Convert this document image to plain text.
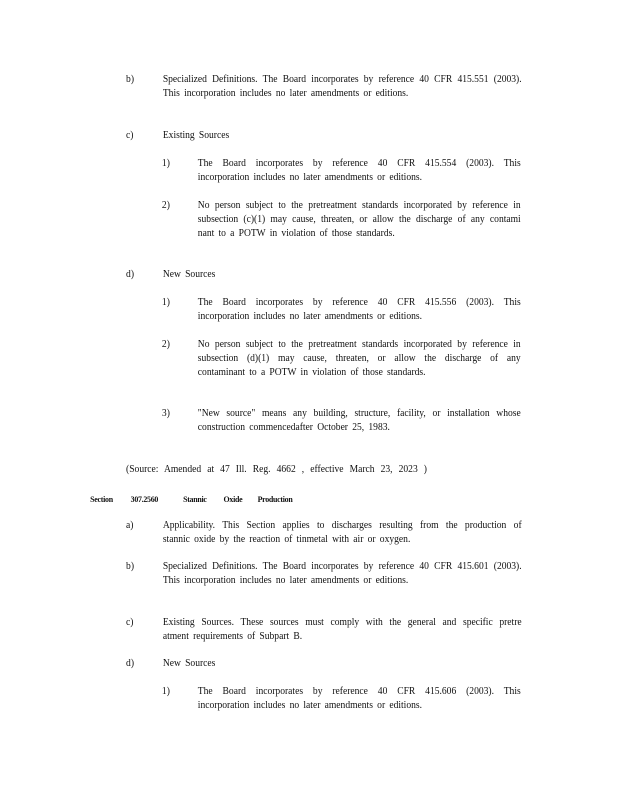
b)	Specialized Definitions. The Board incorporates by reference 40 CFR 415.551 (2003). This incorporation includes no later amendments or editions.
c)	Existing Sources
1)	The Board incorporates by reference 40 CFR 415.554 (2003). This incorporation includes no later amendments or editions.
2)	No person subject to the pretreatment standards incorporated by reference in subsection (c)(1) may cause, threaten, or allow the discharge of any contami nant to a POTW in violation of those standards.
d)	New Sources
1)	The Board incorporates by reference 40 CFR 415.556 (2003). This incorporation includes no later amendments or editions.
2)	No person subject to the pretreatment standards incorporated by reference in subsection (d)(1) may cause, threaten, or allow the discharge of any contaminant to a POTW in violation of those standards.
3)	"New source" means any building, structure, facility, or installation whose construction commencedafter October 25, 1983.
(Source: Amended at 47 Ill. Reg. 4662 , effective March 23, 2023 )
Section 307.2560	Stannic Oxide Production
a)	Applicability. This Section applies to discharges resulting from the production of stannic oxide by the reaction of tinmetal with air or oxygen.
b)	Specialized Definitions. The Board incorporates by reference 40 CFR 415.601 (2003). This incorporation includes no later amendments or editions.
c)	Existing Sources. These sources must comply with the general and specific pretre atment requirements of Subpart B.
d)	New Sources
1)	The Board incorporates by reference 40 CFR 415.606 (2003). This incorporation includes no later amendments or editions.
